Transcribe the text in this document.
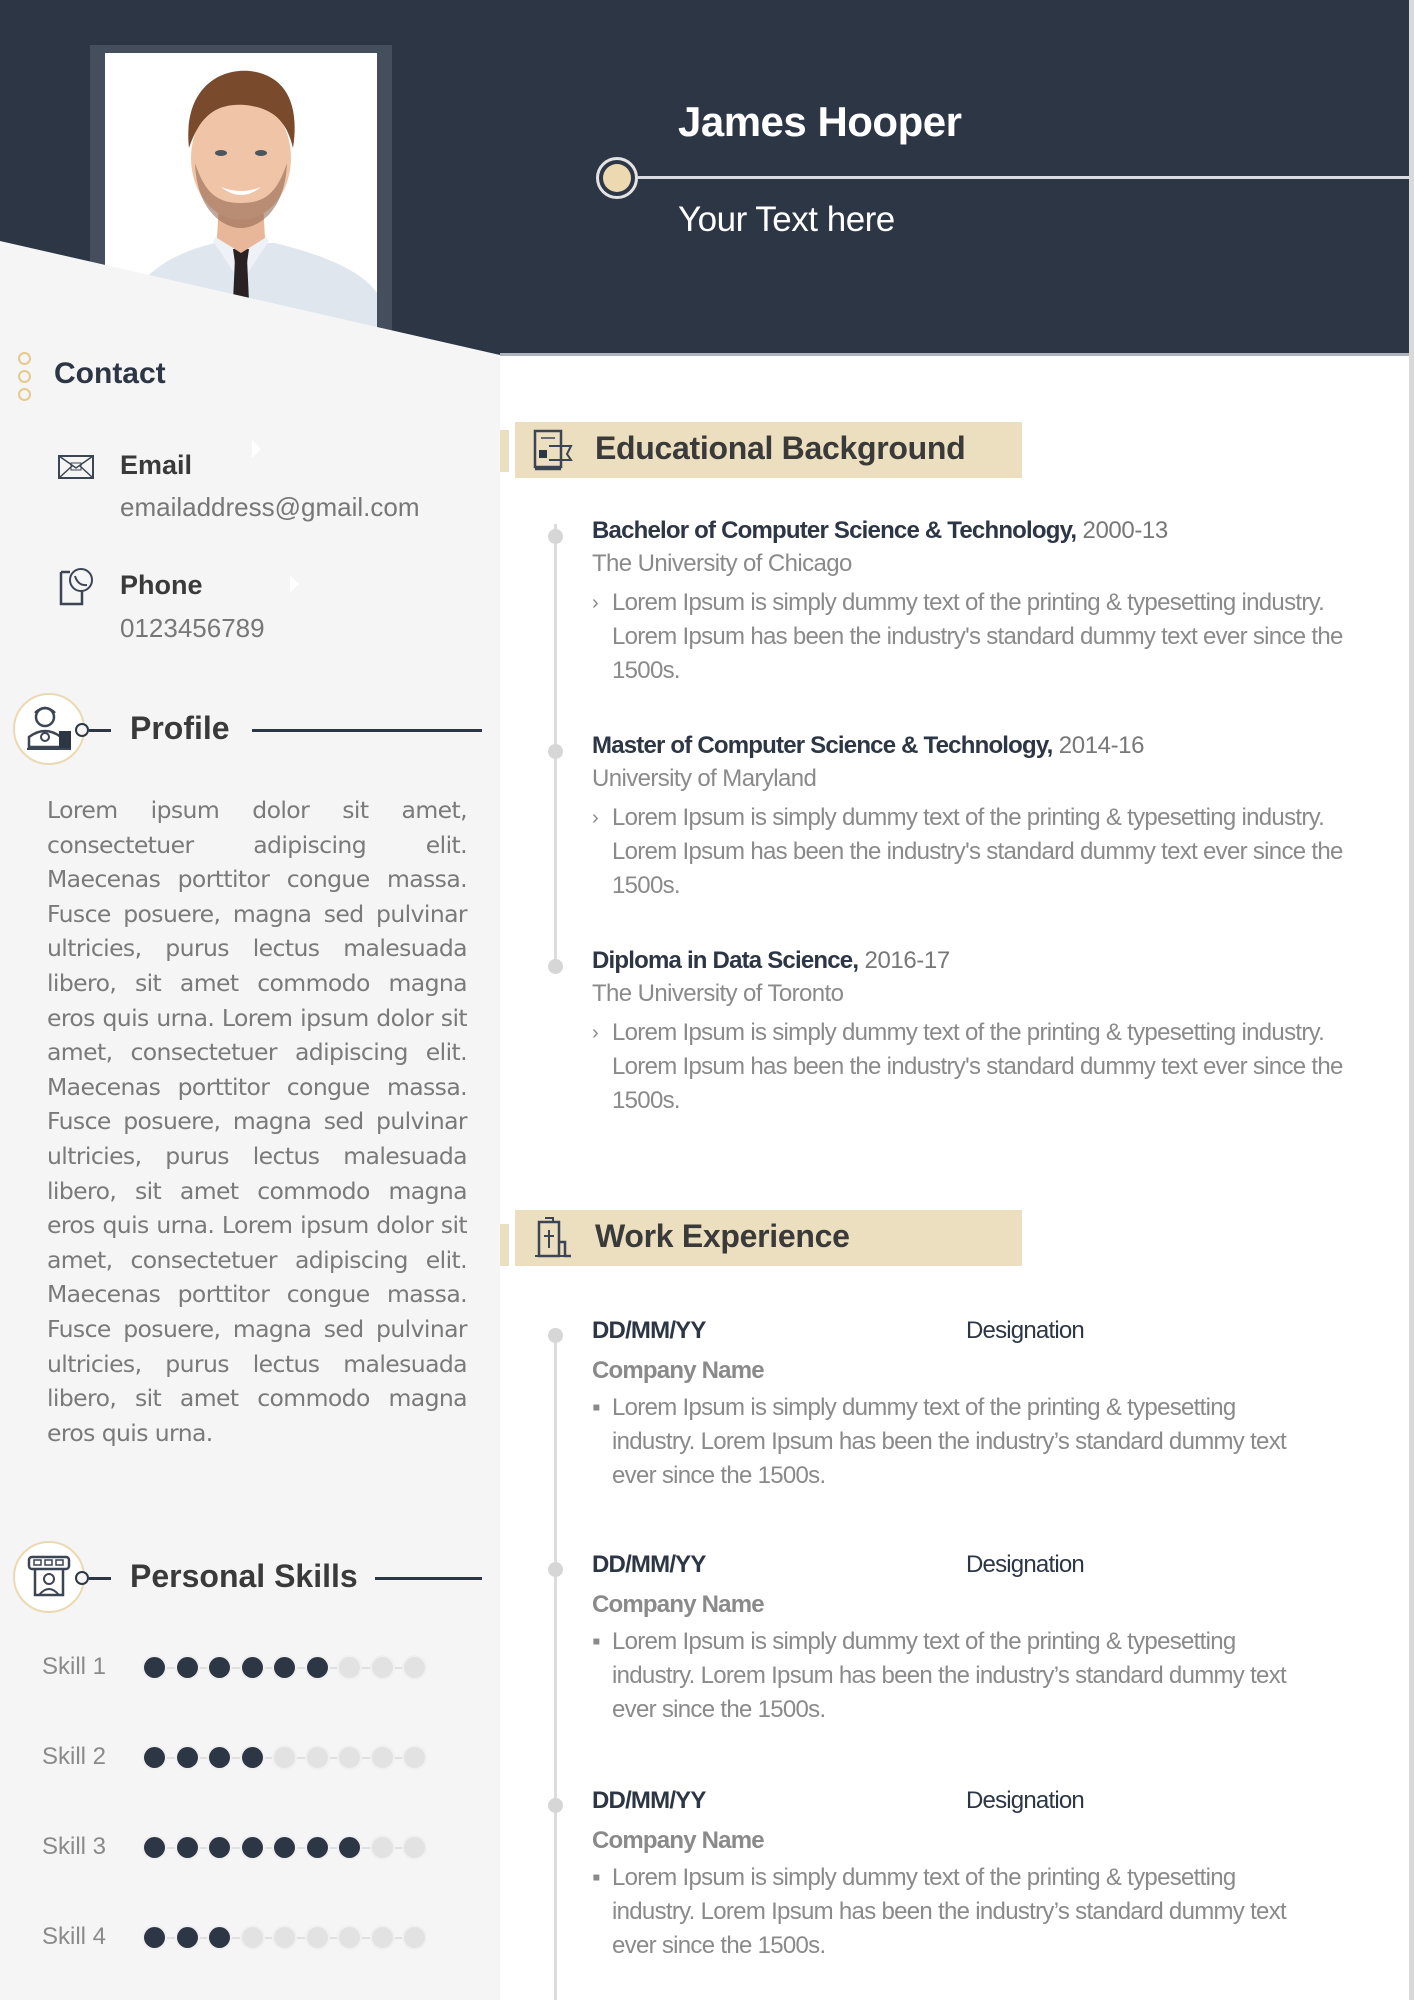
James Hooper
Your Text here
Contact
Email
emailaddress@gmail.com
Phone
0123456789
Profile
Lorem ipsum dolor sit amet, consectetuer adipiscing elit. Maecenas porttitor congue massa. Fusce posuere, magna sed pulvinar ultricies, purus lectus malesuada libero, sit amet commodo magna eros quis urna. Lorem ipsum dolor sit amet, consectetuer adipiscing elit. Maecenas porttitor congue massa. Fusce posuere, magna sed pulvinar ultricies, purus lectus malesuada libero, sit amet commodo magna eros quis urna. Lorem ipsum dolor sit amet, consectetuer adipiscing elit. Maecenas porttitor congue massa. Fusce posuere, magna sed pulvinar ultricies, purus lectus malesuada libero, sit amet commodo magna eros quis urna.
Personal Skills
Skill 1
Skill 2
Skill 3
Skill 4
Educational Background
Bachelor of Computer Science & Technology, 2000-13
The University of Chicago
› Lorem Ipsum is simply dummy text of the printing & typesetting industry. Lorem Ipsum has been the industry's standard dummy text ever since the 1500s.
Master of Computer Science & Technology, 2014-16
University of Maryland
› Lorem Ipsum is simply dummy text of the printing & typesetting industry. Lorem Ipsum has been the industry's standard dummy text ever since the 1500s.
Diploma in Data Science, 2016-17
The University of Toronto
› Lorem Ipsum is simply dummy text of the printing & typesetting industry. Lorem Ipsum has been the industry's standard dummy text ever since the 1500s.
Work Experience
DD/MM/YY	Designation
Company Name
▪ Lorem Ipsum is simply dummy text of the printing & typesetting industry. Lorem Ipsum has been the industry’s standard dummy text ever since the 1500s.
DD/MM/YY	Designation
Company Name
▪ Lorem Ipsum is simply dummy text of the printing & typesetting industry. Lorem Ipsum has been the industry’s standard dummy text ever since the 1500s.
DD/MM/YY	Designation
Company Name
▪ Lorem Ipsum is simply dummy text of the printing & typesetting industry. Lorem Ipsum has been the industry’s standard dummy text ever since the 1500s.
